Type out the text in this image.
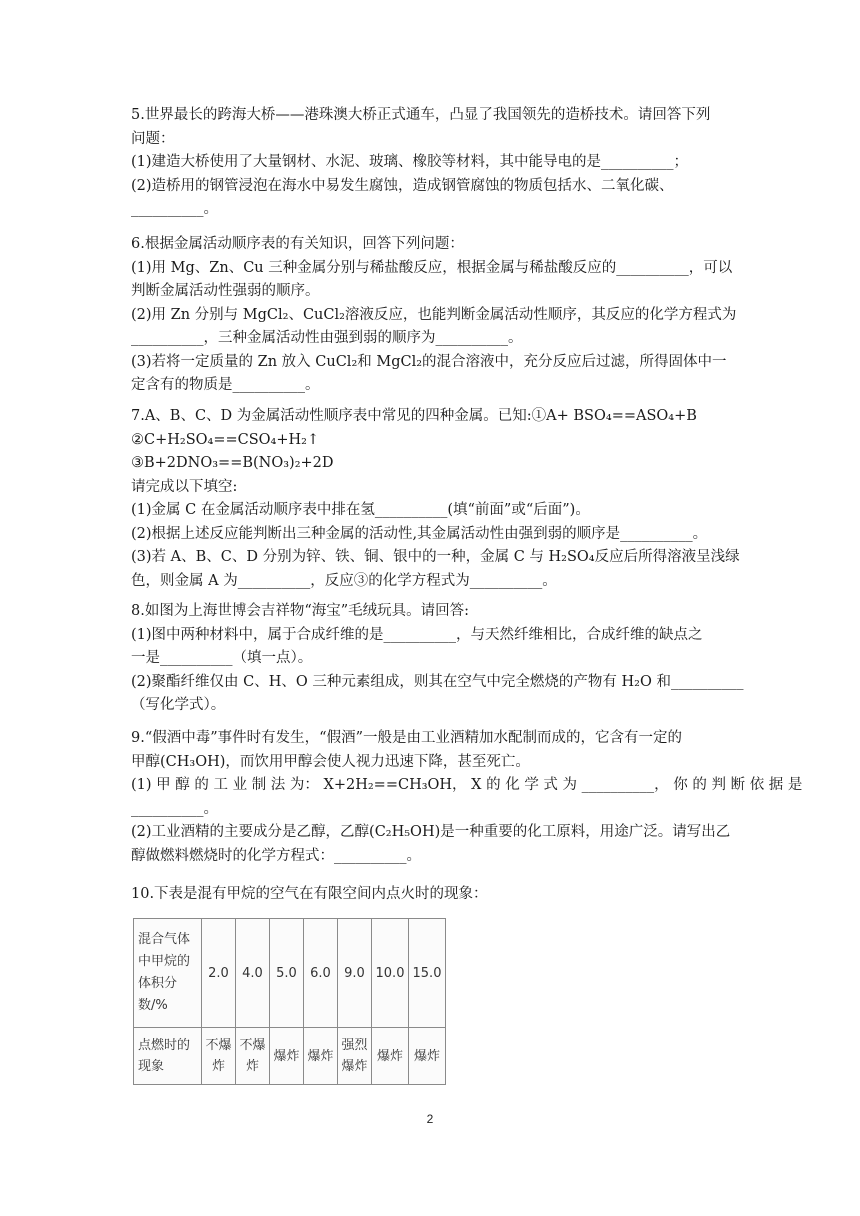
5.世界最长的跨海大桥——港珠澳大桥正式通车，凸显了我国领先的造桥技术。请回答下列
问题：
(1)建造大桥使用了大量钢材、水泥、玻璃、橡胶等材料，其中能导电的是__________；
(2)造桥用的钢管浸泡在海水中易发生腐蚀，造成钢管腐蚀的物质包括水、二氧化碳、
__________。
6.根据金属活动顺序表的有关知识，回答下列问题：
(1)用 Mg、Zn、Cu 三种金属分别与稀盐酸反应，根据金属与稀盐酸反应的__________，可以
判断金属活动性强弱的顺序。
(2)用 Zn 分别与 MgCl₂、CuCl₂溶液反应，也能判断金属活动性顺序，其反应的化学方程式为
__________，三种金属活动性由强到弱的顺序为__________。
(3)若将一定质量的 Zn 放入 CuCl₂和 MgCl₂的混合溶液中，充分反应后过滤，所得固体中一
定含有的物质是__________。
7.A、B、C、D 为金属活动性顺序表中常见的四种金属。已知:①A+ BSO₄==ASO₄+B
②C+H₂SO₄==CSO₄+H₂↑
③B+2DNO₃==B(NO₃)₂+2D
请完成以下填空:
(1)金属 C 在金属活动顺序表中排在氢__________(填“前面”或“后面”)。
(2)根据上述反应能判断出三种金属的活动性,其金属活动性由强到弱的顺序是__________。
(3)若 A、B、C、D 分别为锌、铁、铜、银中的一种，金属 C 与 H₂SO₄反应后所得溶液呈浅绿
色，则金属 A 为__________，反应③的化学方程式为__________。
8.如图为上海世博会吉祥物“海宝”毛绒玩具。请回答:
(1)图中两种材料中，属于合成纤维的是__________，与天然纤维相比，合成纤维的缺点之
一是__________（填一点）。
(2)聚酯纤维仅由 C、H、O 三种元素组成，则其在空气中完全燃烧的产物有 H₂O 和__________
（写化学式）。
9.“假酒中毒”事件时有发生，“假酒”一般是由工业酒精加水配制而成的，它含有一定的
甲醇(CH₃OH)，而饮用甲醇会使人视力迅速下降，甚至死亡。
(1) 甲 醇 的 工 业 制 法 为： X+2H₂==CH₃OH， X 的 化 学 式 为 __________， 你 的 判 断 依 据 是
__________。
(2)工业酒精的主要成分是乙醇，乙醇(C₂H₅OH)是一种重要的化工原料，用途广泛。请写出乙
醇做燃料燃烧时的化学方程式：__________。
10.下表是混有甲烷的空气在有限空间内点火时的现象：
混合气体中甲烷的体积分数/%	2.0	4.0	5.0	6.0	9.0	10.0	15.0
点燃时的现象	不爆炸	不爆炸	爆炸	爆炸	强烈爆炸	爆炸	爆炸
2
